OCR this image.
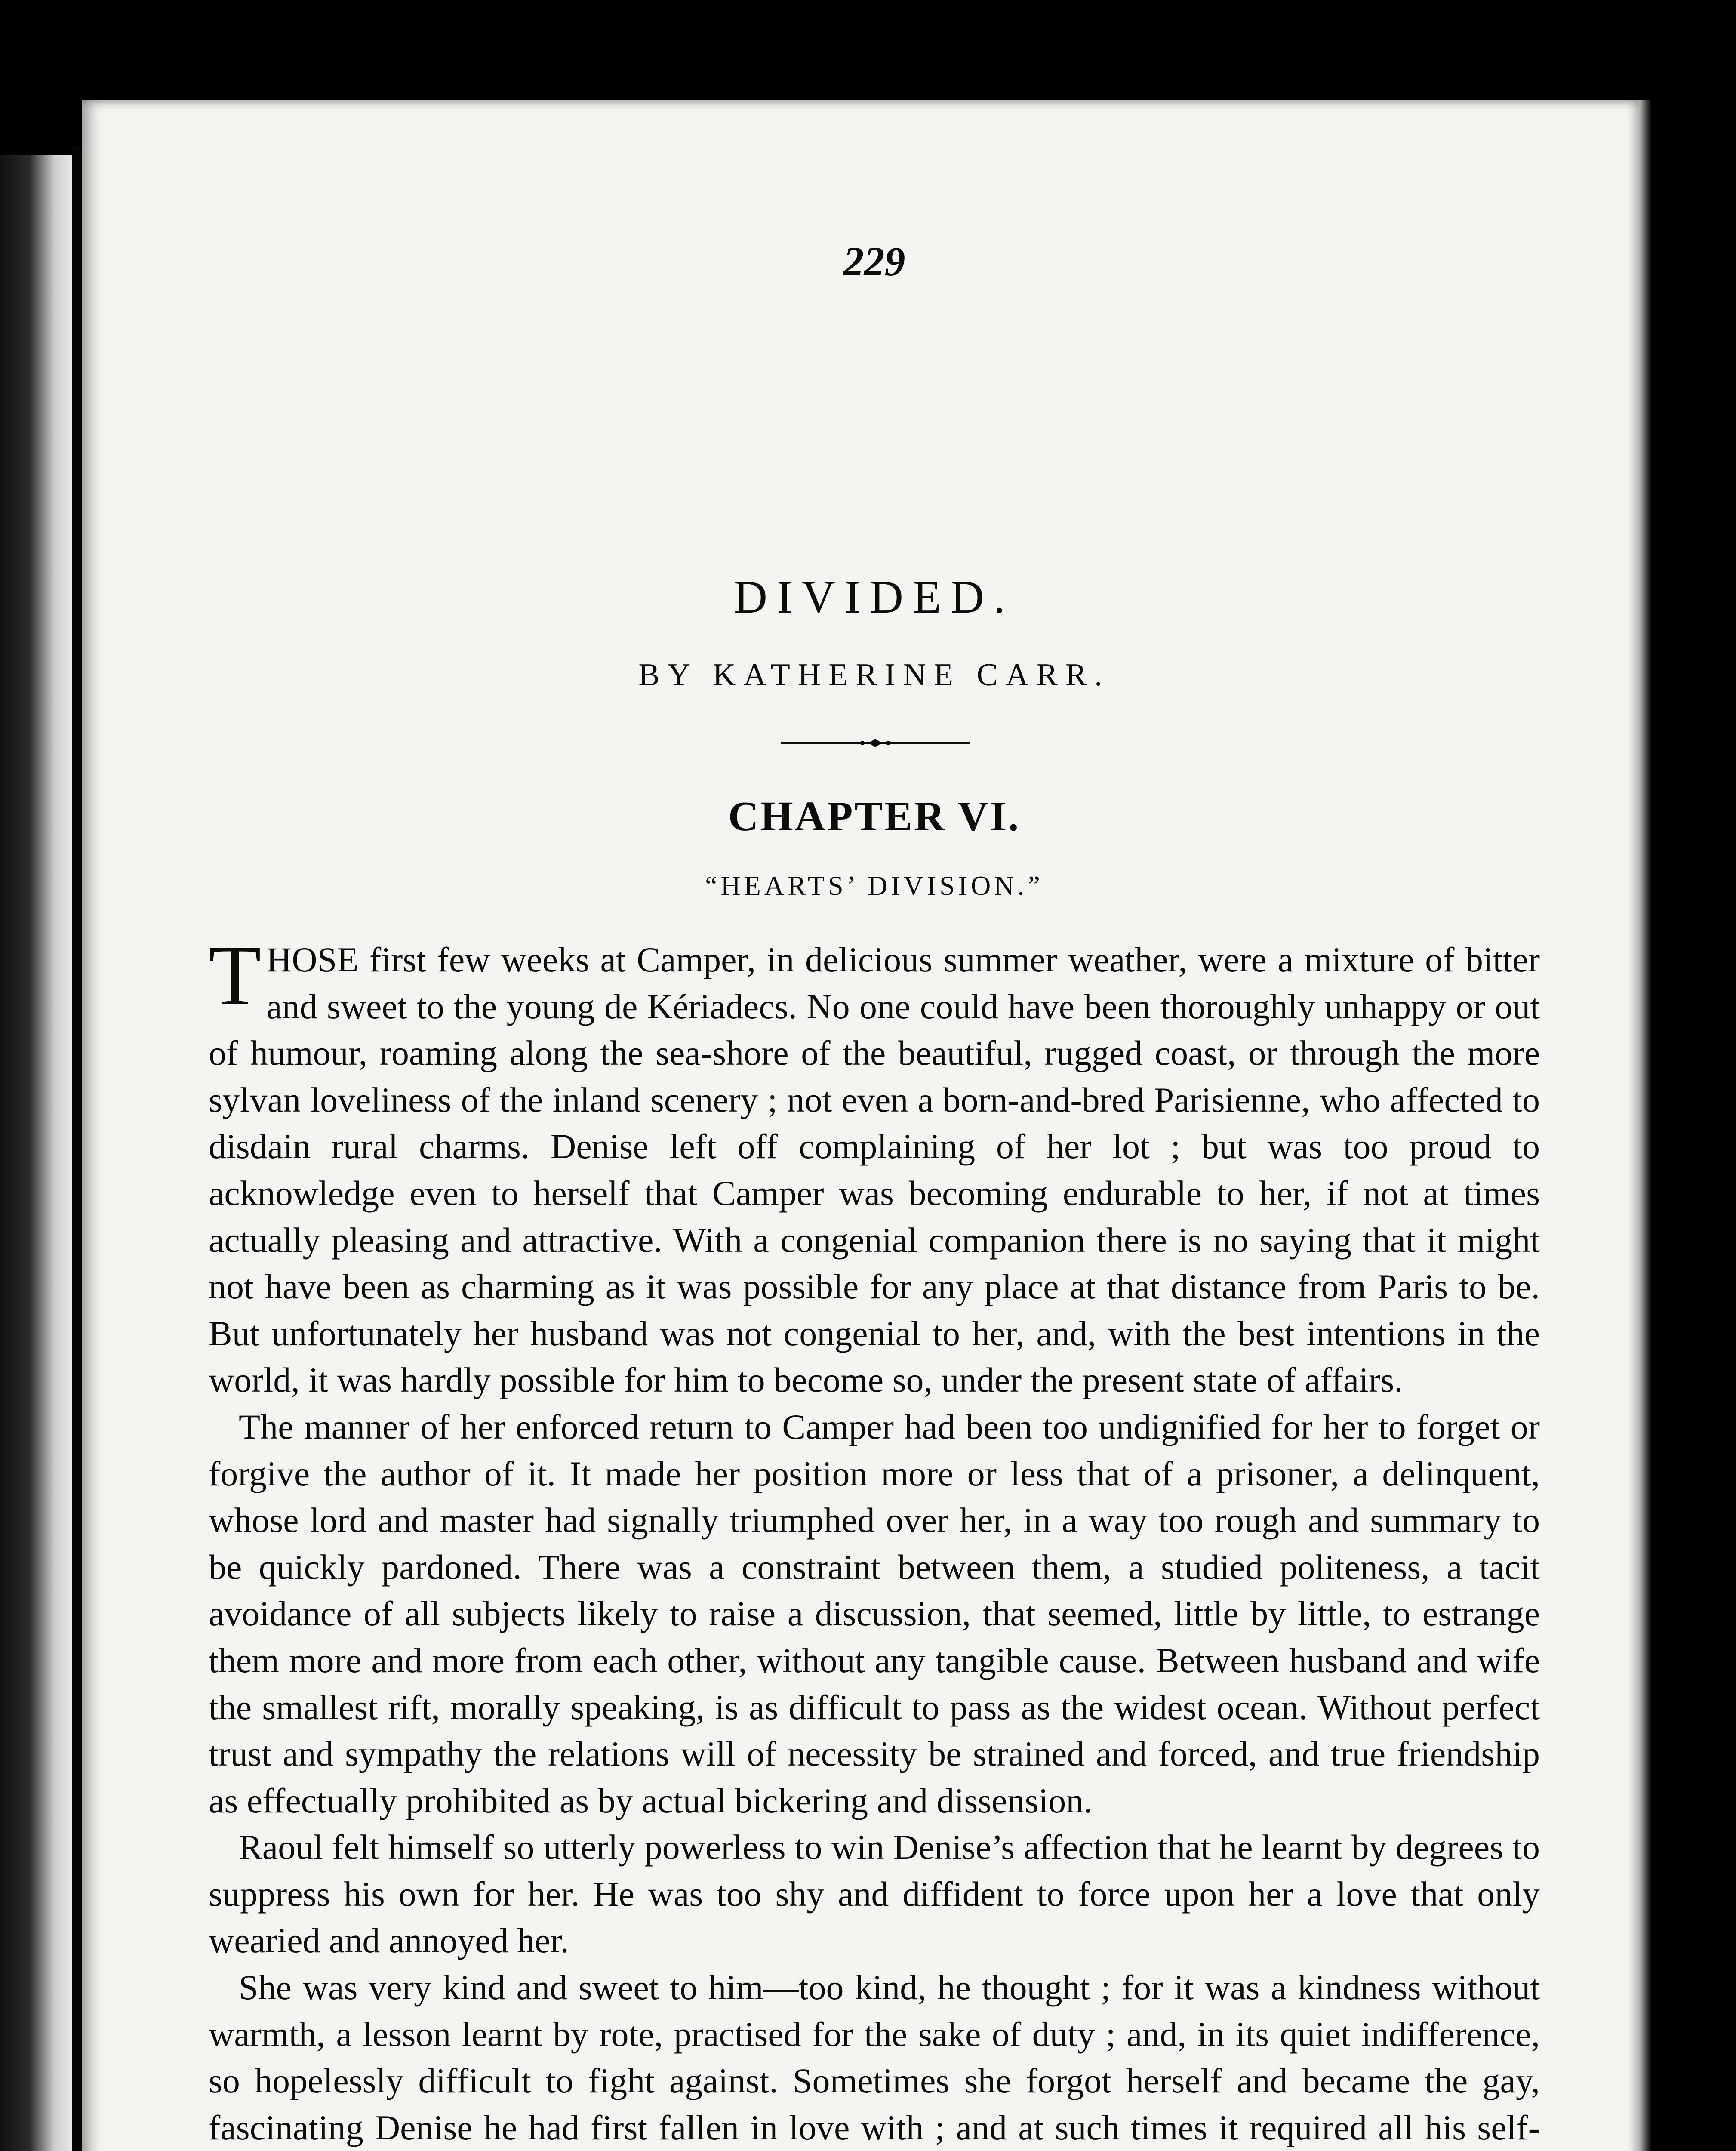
229
DIVIDED.
BY KATHERINE CARR.
CHAPTER VI.
“HEARTS’ DIVISION.”

THOSE first few weeks at Camper, in delicious summer weather, were a mixture of bitter and sweet to the young de Kériadecs. No one could have been thoroughly unhappy or out of humour, roaming along the sea-shore of the beautiful, rugged coast, or through the more sylvan loveliness of the inland scenery ; not even a born-and-bred Parisienne, who affected to disdain rural charms. Denise left off complaining of her lot ; but was too proud to acknowledge even to herself that Camper was becoming endurable to her, if not at times actually pleasing and attractive. With a congenial companion there is no saying that it might not have been as charming as it was possible for any place at that distance from Paris to be. But unfortunately her husband was not congenial to her, and, with the best intentions in the world, it was hardly possible for him to become so, under the present state of affairs.

The manner of her enforced return to Camper had been too undignified for her to forget or forgive the author of it. It made her position more or less that of a prisoner, a delinquent, whose lord and master had signally triumphed over her, in a way too rough and summary to be quickly pardoned. There was a constraint between them, a studied politeness, a tacit avoidance of all subjects likely to raise a discussion, that seemed, little by little, to estrange them more and more from each other, without any tangible cause. Between husband and wife the smallest rift, morally speaking, is as difficult to pass as the widest ocean. Without perfect trust and sympathy the relations will of necessity be strained and forced, and true friendship as effectually prohibited as by actual bickering and dissension.

Raoul felt himself so utterly powerless to win Denise’s affection that he learnt by degrees to suppress his own for her. He was too shy and diffident to force upon her a love that only wearied and annoyed her.

She was very kind and sweet to him—too kind, he thought ; for it was a kindness without warmth, a lesson learnt by rote, practised for the sake of duty ; and, in its quiet indifference, so hopelessly difficult to fight against. Sometimes she forgot herself and became the gay, fascinating Denise he had first fallen in love with ; and at such times it required all his self-
